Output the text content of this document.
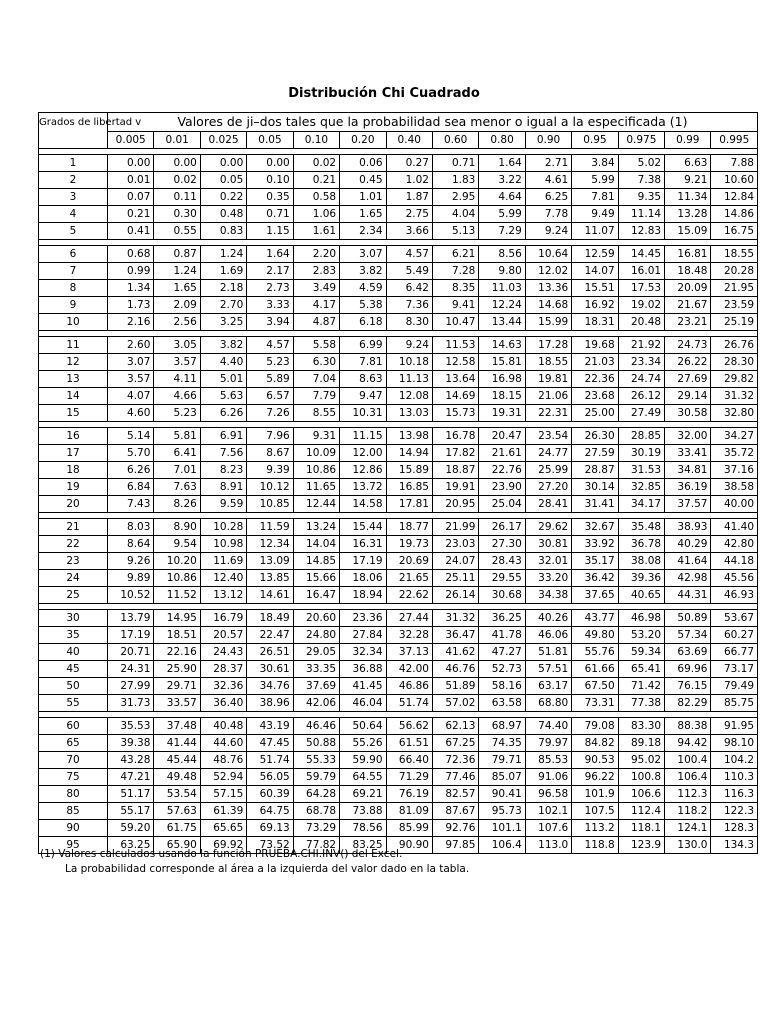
Distribución Chi Cuadrado
Grados de libertad v	Valores de ji–dos tales que la probabilidad sea menor o igual a la especificada (1)													
	0.005	0.01	0.025	0.05	0.10	0.20	0.40	0.60	0.80	0.90	0.95	0.975	0.99	0.995

1	0.00	0.00	0.00	0.00	0.02	0.06	0.27	0.71	1.64	2.71	3.84	5.02	6.63	7.88
2	0.01	0.02	0.05	0.10	0.21	0.45	1.02	1.83	3.22	4.61	5.99	7.38	9.21	10.60
3	0.07	0.11	0.22	0.35	0.58	1.01	1.87	2.95	4.64	6.25	7.81	9.35	11.34	12.84
4	0.21	0.30	0.48	0.71	1.06	1.65	2.75	4.04	5.99	7.78	9.49	11.14	13.28	14.86
5	0.41	0.55	0.83	1.15	1.61	2.34	3.66	5.13	7.29	9.24	11.07	12.83	15.09	16.75

6	0.68	0.87	1.24	1.64	2.20	3.07	4.57	6.21	8.56	10.64	12.59	14.45	16.81	18.55
7	0.99	1.24	1.69	2.17	2.83	3.82	5.49	7.28	9.80	12.02	14.07	16.01	18.48	20.28
8	1.34	1.65	2.18	2.73	3.49	4.59	6.42	8.35	11.03	13.36	15.51	17.53	20.09	21.95
9	1.73	2.09	2.70	3.33	4.17	5.38	7.36	9.41	12.24	14.68	16.92	19.02	21.67	23.59
10	2.16	2.56	3.25	3.94	4.87	6.18	8.30	10.47	13.44	15.99	18.31	20.48	23.21	25.19

11	2.60	3.05	3.82	4.57	5.58	6.99	9.24	11.53	14.63	17.28	19.68	21.92	24.73	26.76
12	3.07	3.57	4.40	5.23	6.30	7.81	10.18	12.58	15.81	18.55	21.03	23.34	26.22	28.30
13	3.57	4.11	5.01	5.89	7.04	8.63	11.13	13.64	16.98	19.81	22.36	24.74	27.69	29.82
14	4.07	4.66	5.63	6.57	7.79	9.47	12.08	14.69	18.15	21.06	23.68	26.12	29.14	31.32
15	4.60	5.23	6.26	7.26	8.55	10.31	13.03	15.73	19.31	22.31	25.00	27.49	30.58	32.80

16	5.14	5.81	6.91	7.96	9.31	11.15	13.98	16.78	20.47	23.54	26.30	28.85	32.00	34.27
17	5.70	6.41	7.56	8.67	10.09	12.00	14.94	17.82	21.61	24.77	27.59	30.19	33.41	35.72
18	6.26	7.01	8.23	9.39	10.86	12.86	15.89	18.87	22.76	25.99	28.87	31.53	34.81	37.16
19	6.84	7.63	8.91	10.12	11.65	13.72	16.85	19.91	23.90	27.20	30.14	32.85	36.19	38.58
20	7.43	8.26	9.59	10.85	12.44	14.58	17.81	20.95	25.04	28.41	31.41	34.17	37.57	40.00

21	8.03	8.90	10.28	11.59	13.24	15.44	18.77	21.99	26.17	29.62	32.67	35.48	38.93	41.40
22	8.64	9.54	10.98	12.34	14.04	16.31	19.73	23.03	27.30	30.81	33.92	36.78	40.29	42.80
23	9.26	10.20	11.69	13.09	14.85	17.19	20.69	24.07	28.43	32.01	35.17	38.08	41.64	44.18
24	9.89	10.86	12.40	13.85	15.66	18.06	21.65	25.11	29.55	33.20	36.42	39.36	42.98	45.56
25	10.52	11.52	13.12	14.61	16.47	18.94	22.62	26.14	30.68	34.38	37.65	40.65	44.31	46.93

30	13.79	14.95	16.79	18.49	20.60	23.36	27.44	31.32	36.25	40.26	43.77	46.98	50.89	53.67
35	17.19	18.51	20.57	22.47	24.80	27.84	32.28	36.47	41.78	46.06	49.80	53.20	57.34	60.27
40	20.71	22.16	24.43	26.51	29.05	32.34	37.13	41.62	47.27	51.81	55.76	59.34	63.69	66.77
45	24.31	25.90	28.37	30.61	33.35	36.88	42.00	46.76	52.73	57.51	61.66	65.41	69.96	73.17
50	27.99	29.71	32.36	34.76	37.69	41.45	46.86	51.89	58.16	63.17	67.50	71.42	76.15	79.49
55	31.73	33.57	36.40	38.96	42.06	46.04	51.74	57.02	63.58	68.80	73.31	77.38	82.29	85.75

60	35.53	37.48	40.48	43.19	46.46	50.64	56.62	62.13	68.97	74.40	79.08	83.30	88.38	91.95
65	39.38	41.44	44.60	47.45	50.88	55.26	61.51	67.25	74.35	79.97	84.82	89.18	94.42	98.10
70	43.28	45.44	48.76	51.74	55.33	59.90	66.40	72.36	79.71	85.53	90.53	95.02	100.4	104.2
75	47.21	49.48	52.94	56.05	59.79	64.55	71.29	77.46	85.07	91.06	96.22	100.8	106.4	110.3
80	51.17	53.54	57.15	60.39	64.28	69.21	76.19	82.57	90.41	96.58	101.9	106.6	112.3	116.3
85	55.17	57.63	61.39	64.75	68.78	73.88	81.09	87.67	95.73	102.1	107.5	112.4	118.2	122.3
90	59.20	61.75	65.65	69.13	73.29	78.56	85.99	92.76	101.1	107.6	113.2	118.1	124.1	128.3
95	63.25	65.90	69.92	73.52	77.82	83.25	90.90	97.85	106.4	113.0	118.8	123.9	130.0	134.3
(1) Valores calculados usando la función PRUEBA.CHI.INV() del Excel.
La probabilidad corresponde al área a la izquierda del valor dado en la tabla.
